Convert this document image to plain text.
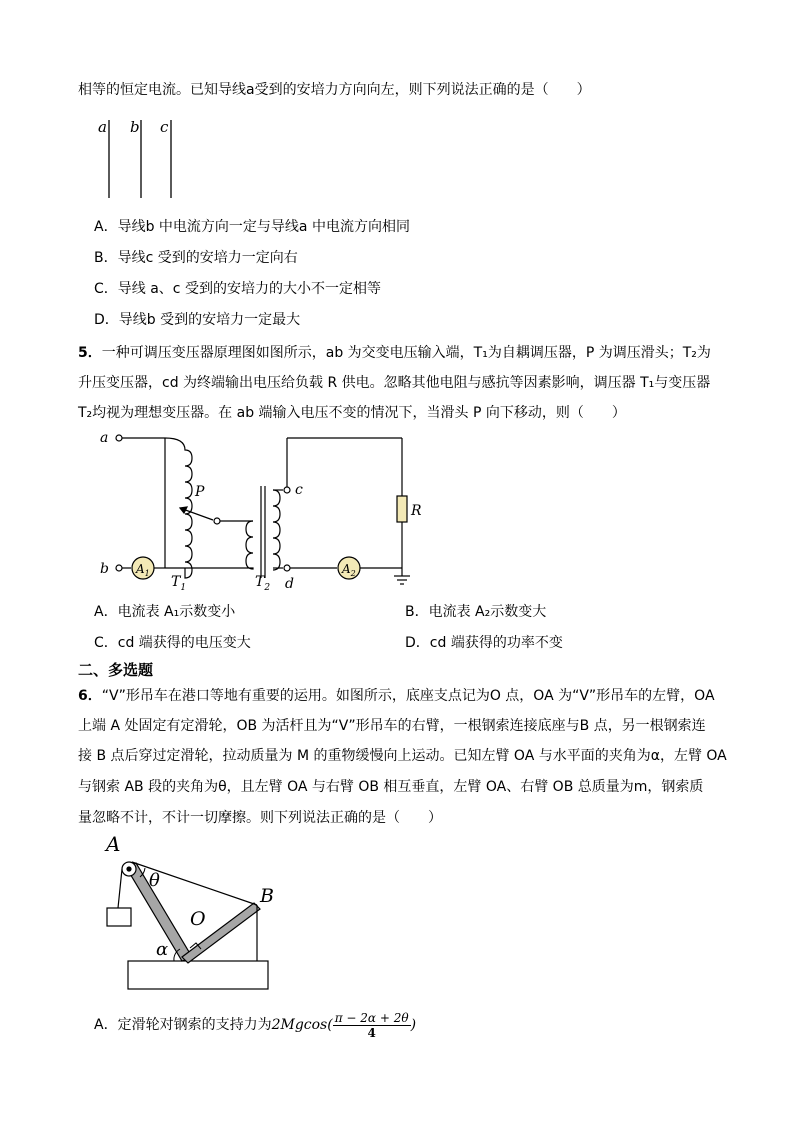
相等的恒定电流。已知导线a受到的安培力方向向左，则下列说法正确的是（　　）
a b c
A．导线b 中电流方向一定与导线a 中电流方向相同
B．导线c 受到的安培力一定向右
C．导线 a、c 受到的安培力的大小不一定相等
D．导线b 受到的安培力一定最大
5．一种可调压变压器原理图如图所示，ab 为交变电压输入端，T₁为自耦调压器，P 为调压滑头；T₂为
升压变压器，cd 为终端输出电压给负载 R 供电。忽略其他电阻与感抗等因素影响，调压器 T₁与变压器
T₂均视为理想变压器。在 ab 端输入电压不变的情况下，当滑头 P 向下移动，则（　　）
a
b
P	c
d
R
$A_1$	$A_2$
$T_1$	$T_2$
A．电流表 A₁示数变小	B．电流表 A₂示数变大
C．cd 端获得的电压变大	D．cd 端获得的功率不变
二、多选题
6．“V”形吊车在港口等地有重要的运用。如图所示，底座支点记为O 点，OA 为“V”形吊车的左臂，OA
上端 A 处固定有定滑轮，OB 为活杆且为“V”形吊车的右臂，一根钢索连接底座与B 点，另一根钢索连
接 B 点后穿过定滑轮，拉动质量为 M 的重物缓慢向上运动。已知左臂 OA 与水平面的夹角为α，左臂 OA
与钢索 AB 段的夹角为θ，且左臂 OA 与右臂 OB 相互垂直，左臂 OA、右臂 OB 总质量为m，钢索质
量忽略不计，不计一切摩擦。则下列说法正确的是（　　）
A
θ
B
O
α
A．定滑轮对钢索的支持力为$2Mgcos( \frac{\pi - 2\alpha + 2\theta}{4}$ )
